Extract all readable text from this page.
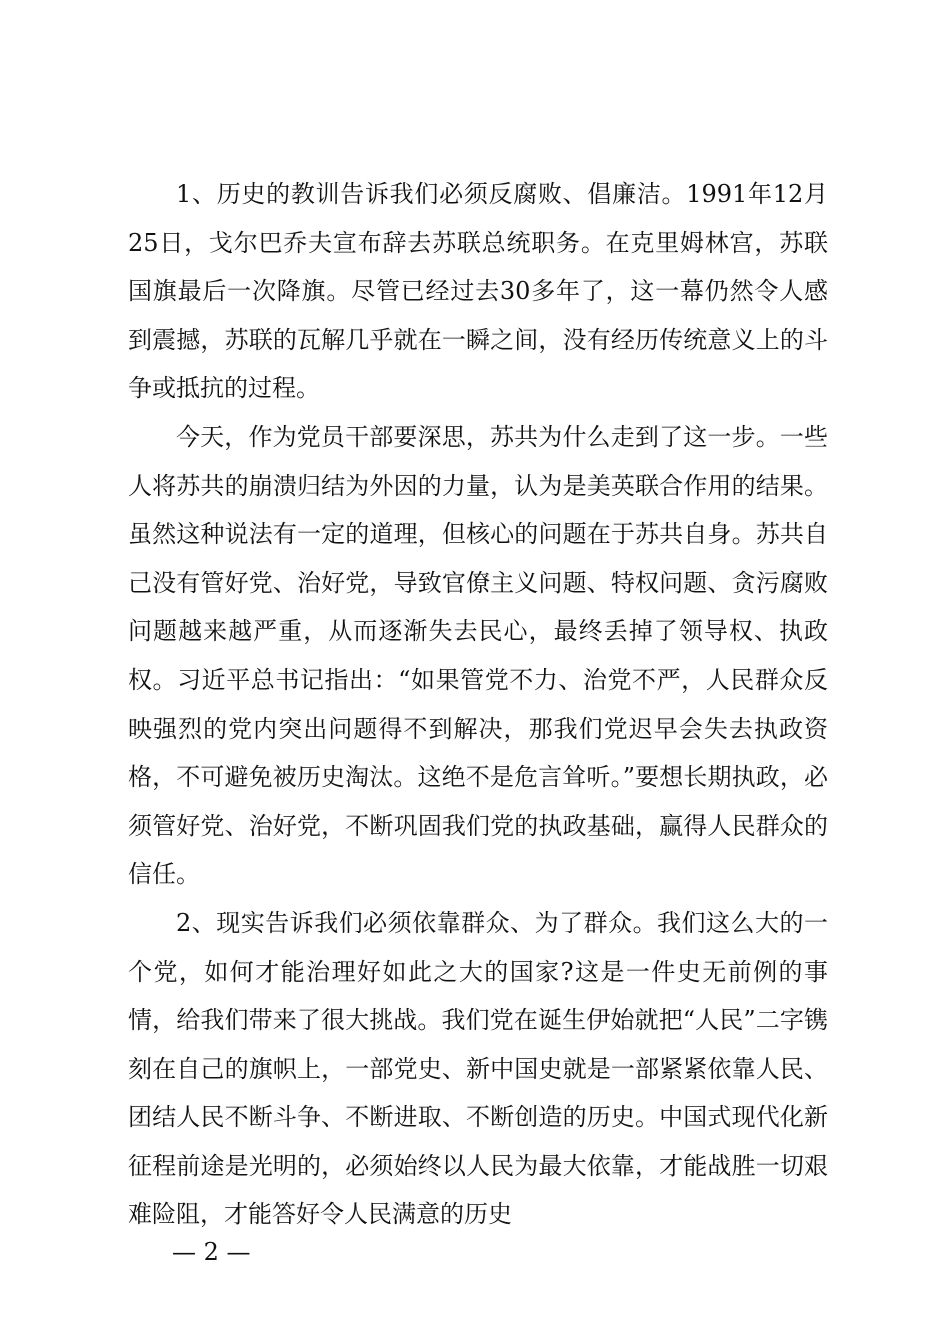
1、历史的教训告诉我们必须反腐败、倡廉洁。1991年12月25日，戈尔巴乔夫宣布辞去苏联总统职务。在克里姆林宫，苏联国旗最后一次降旗。尽管已经过去30多年了，这一幕仍然令人感到震撼，苏联的瓦解几乎就在一瞬之间，没有经历传统意义上的斗争或抵抗的过程。

今天，作为党员干部要深思，苏共为什么走到了这一步。一些人将苏共的崩溃归结为外因的力量，认为是美英联合作用的结果。虽然这种说法有一定的道理，但核心的问题在于苏共自身。苏共自己没有管好党、治好党，导致官僚主义问题、特权问题、贪污腐败问题越来越严重，从而逐渐失去民心，最终丢掉了领导权、执政权。习近平总书记指出：“如果管党不力、治党不严，人民群众反映强烈的党内突出问题得不到解决，那我们党迟早会失去执政资格，不可避免被历史淘汰。这绝不是危言耸听。”要想长期执政，必须管好党、治好党，不断巩固我们党的执政基础，赢得人民群众的信任。

2、现实告诉我们必须依靠群众、为了群众。我们这么大的一个党，如何才能治理好如此之大的国家?这是一件史无前例的事情，给我们带来了很大挑战。我们党在诞生伊始就把“人民”二字镌刻在自己的旗帜上，一部党史、新中国史就是一部紧紧依靠人民、团结人民不断斗争、不断进取、不断创造的历史。中国式现代化新征程前途是光明的，必须始终以人民为最大依靠，才能战胜一切艰难险阻，才能答好令人民满意的历史

— 2 —
